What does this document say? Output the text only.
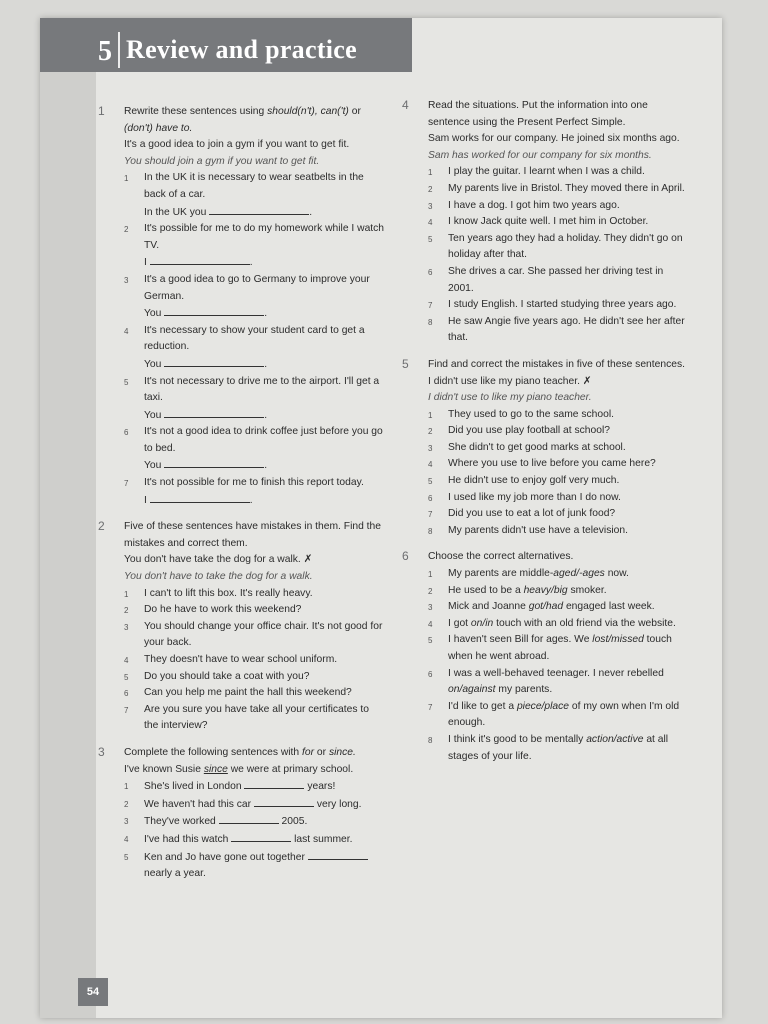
5 Review and practice
1 Rewrite these sentences using should(n't), can('t) or (don't) have to.

It's a good idea to join a gym if you want to get fit.

You should join a gym if you want to get fit.

1 In the UK it is necessary to wear seatbelts in the back of a car.
In the UK you	.
2 It's possible for me to do my homework while I watch TV.
I	.
3 It's a good idea to go to Germany to improve your German.
You	.
4 It's necessary to show your student card to get a reduction.
You	.
5 It's not necessary to drive me to the airport. I'll get a taxi.
You	.
6 It's not a good idea to drink coffee just before you go to bed.
You	.
7 It's not possible for me to finish this report today.
I	.
2 Five of these sentences have mistakes in them. Find the mistakes and correct them.

You don't have take the dog for a walk. ✗

You don't have to take the dog for a walk.

1 I can't to lift this box. It's really heavy.
2 Do he have to work this weekend?
3 You should change your office chair. It's not good for your back.
4 They doesn't have to wear school uniform.
5 Do you should take a coat with you?
6 Can you help me paint the hall this weekend?
7 Are you sure you have take all your certificates to the interview?
3 Complete the following sentences with for or since.

I've known Susie since we were at primary school.

1 She's lived in London	years!
2 We haven't had this car	very long.
3 They've worked	2005.
4 I've had this watch	last summer.
5 Ken and Jo have gone out together  nearly a year.
4 Read the situations. Put the information into one sentence using the Present Perfect Simple.

Sam works for our company. He joined six months ago.

Sam has worked for our company for six months.

1 I play the guitar. I learnt when I was a child.
2 My parents live in Bristol. They moved there in April.
3 I have a dog. I got him two years ago.
4 I know Jack quite well. I met him in October.
5 Ten years ago they had a holiday. They didn't go on holiday after that.
6 She drives a car. She passed her driving test in 2001.
7 I study English. I started studying three years ago.
8 He saw Angie five years ago. He didn't see her after that.
5 Find and correct the mistakes in five of these sentences.

I didn't use like my piano teacher. ✗

I didn't use to like my piano teacher.

1 They used to go to the same school.
2 Did you use play football at school?
3 She didn't to get good marks at school.
4 Where you use to live before you came here?
5 He didn't use to enjoy golf very much.
6 I used like my job more than I do now.
7 Did you use to eat a lot of junk food?
8 My parents didn't use have a television.
6 Choose the correct alternatives.

1 My parents are middle-aged/-ages now.
2 He used to be a heavy/big smoker.
3 Mick and Joanne got/had engaged last week.
4 I got on/in touch with an old friend via the website.
5 I haven't seen Bill for ages. We lost/missed touch when he went abroad.
6 I was a well-behaved teenager. I never rebelled on/against my parents.
7 I'd like to get a piece/place of my own when I'm old enough.
8 I think it's good to be mentally action/active at all stages of your life.
54
